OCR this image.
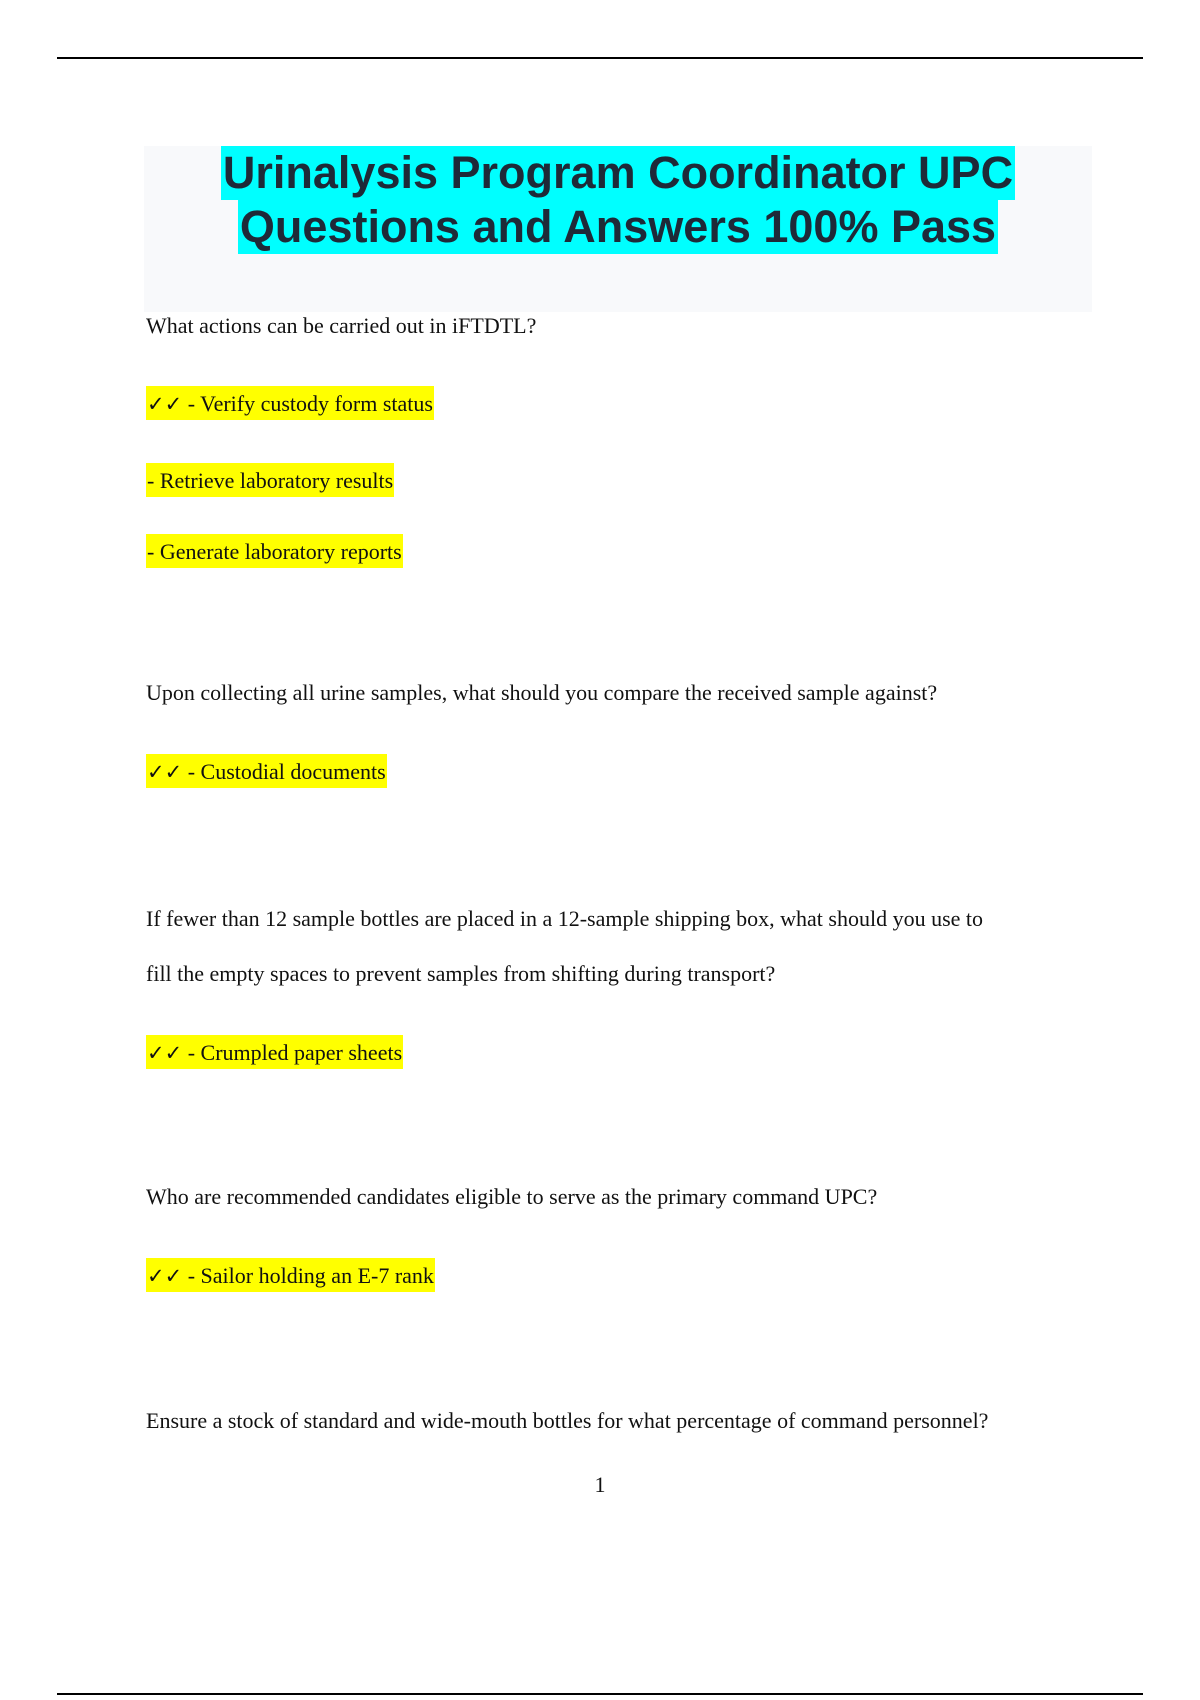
Urinalysis Program Coordinator UPC
Questions and Answers 100% Pass
What actions can be carried out in iFTDTL?
✓✓ - Verify custody form status
- Retrieve laboratory results
- Generate laboratory reports
Upon collecting all urine samples, what should you compare the received sample against?
✓✓ - Custodial documents
If fewer than 12 sample bottles are placed in a 12-sample shipping box, what should you use to
fill the empty spaces to prevent samples from shifting during transport?
✓✓ - Crumpled paper sheets
Who are recommended candidates eligible to serve as the primary command UPC?
✓✓ - Sailor holding an E-7 rank
Ensure a stock of standard and wide-mouth bottles for what percentage of command personnel?
1
